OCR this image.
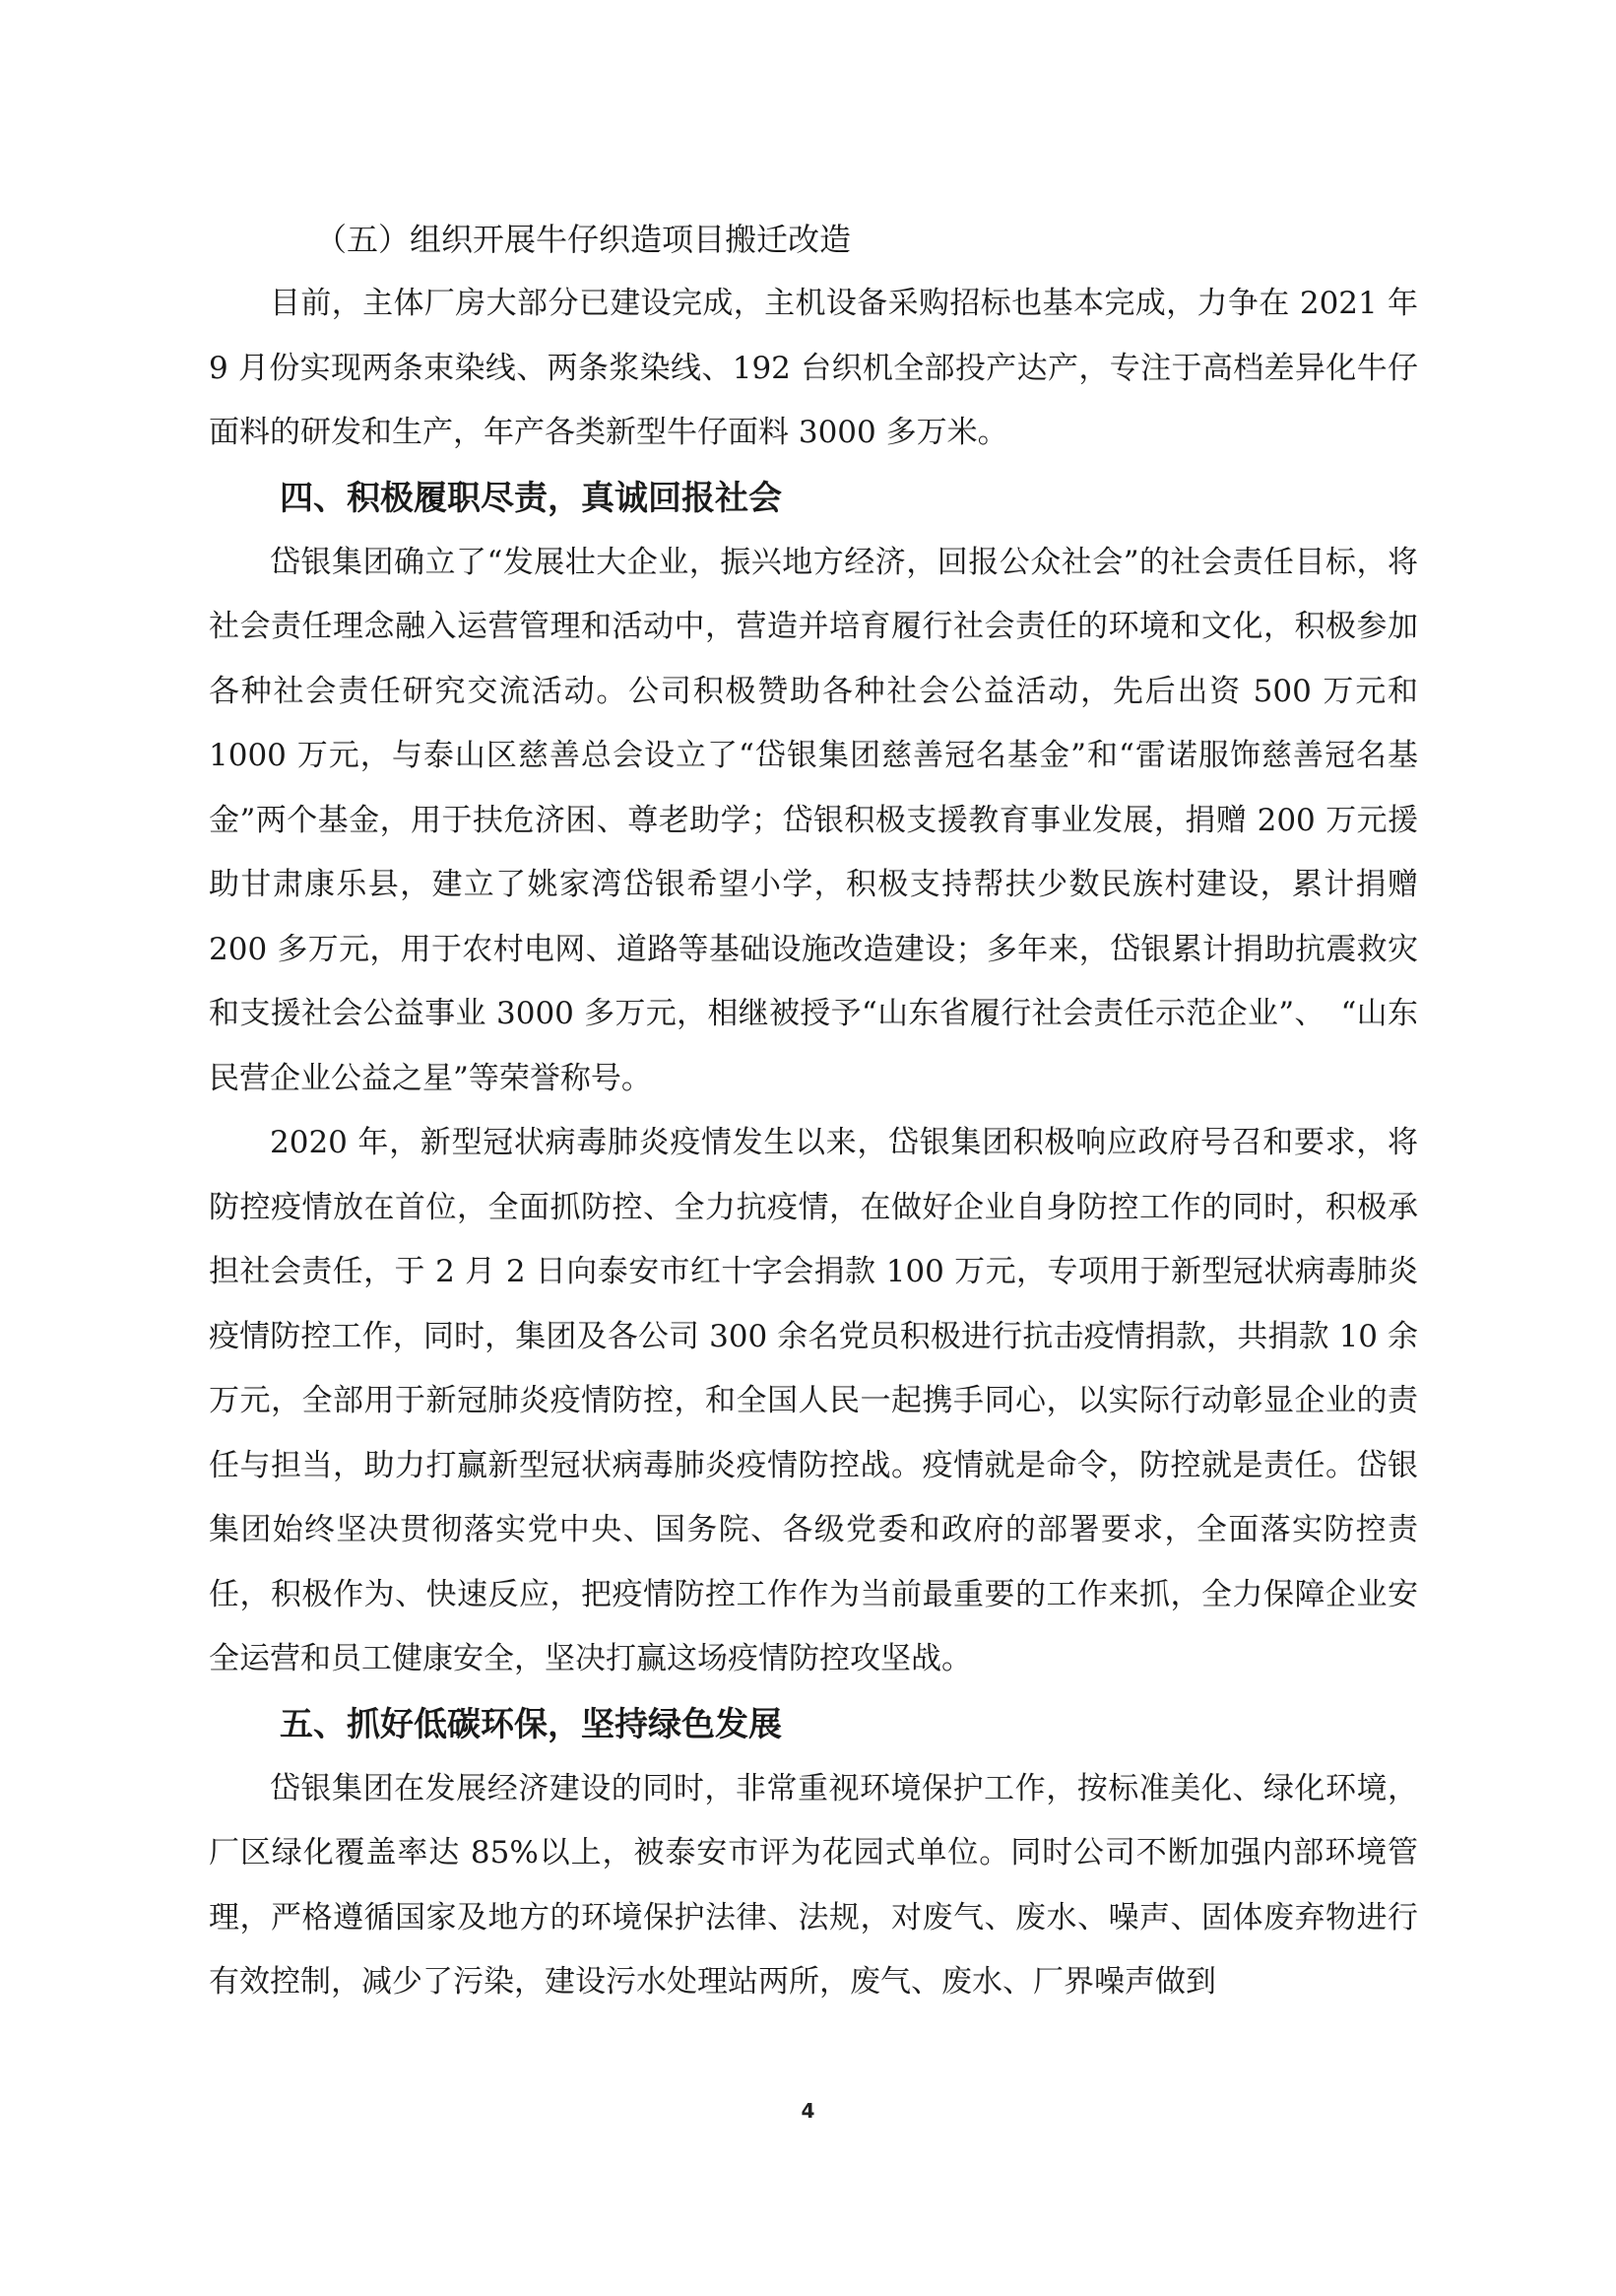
（五）组织开展牛仔织造项目搬迁改造

目前，主体厂房大部分已建设完成，主机设备采购招标也基本完成，力争在 2021 年 9 月份实现两条束染线、两条浆染线、192 台织机全部投产达产，专注于高档差异化牛仔面料的研发和生产，年产各类新型牛仔面料 3000 多万米。

四、积极履职尽责，真诚回报社会

岱银集团确立了“发展壮大企业，振兴地方经济，回报公众社会”的社会责任目标，将社会责任理念融入运营管理和活动中，营造并培育履行社会责任的环境和文化，积极参加各种社会责任研究交流活动。公司积极赞助各种社会公益活动，先后出资 500 万元和 1000 万元，与泰山区慈善总会设立了“岱银集团慈善冠名基金”和“雷诺服饰慈善冠名基金”两个基金，用于扶危济困、尊老助学；岱银积极支援教育事业发展，捐赠 200 万元援助甘肃康乐县，建立了姚家湾岱银希望小学，积极支持帮扶少数民族村建设，累计捐赠 200 多万元，用于农村电网、道路等基础设施改造建设；多年来，岱银累计捐助抗震救灾和支援社会公益事业 3000 多万元，相继被授予“山东省履行社会责任示范企业”、　“山东民营企业公益之星”等荣誉称号。

2020 年，新型冠状病毒肺炎疫情发生以来，岱银集团积极响应政府号召和要求，将防控疫情放在首位，全面抓防控、全力抗疫情，在做好企业自身防控工作的同时，积极承担社会责任，于 2 月 2 日向泰安市红十字会捐款 100 万元，专项用于新型冠状病毒肺炎疫情防控工作，同时，集团及各公司 300 余名党员积极进行抗击疫情捐款，共捐款 10 余万元，全部用于新冠肺炎疫情防控，和全国人民一起携手同心，以实际行动彰显企业的责任与担当，助力打赢新型冠状病毒肺炎疫情防控战。疫情就是命令，防控就是责任。岱银集团始终坚决贯彻落实党中央、国务院、各级党委和政府的部署要求，全面落实防控责任，积极作为、快速反应，把疫情防控工作作为当前最重要的工作来抓，全力保障企业安全运营和员工健康安全，坚决打赢这场疫情防控攻坚战。

五、抓好低碳环保，坚持绿色发展

岱银集团在发展经济建设的同时，非常重视环境保护工作，按标准美化、绿化环境，厂区绿化覆盖率达 85%以上，被泰安市评为花园式单位。同时公司不断加强内部环境管理，严格遵循国家及地方的环境保护法律、法规，对废气、废水、噪声、固体废弃物进行有效控制，减少了污染，建设污水处理站两所，废气、废水、厂界噪声做到

4
